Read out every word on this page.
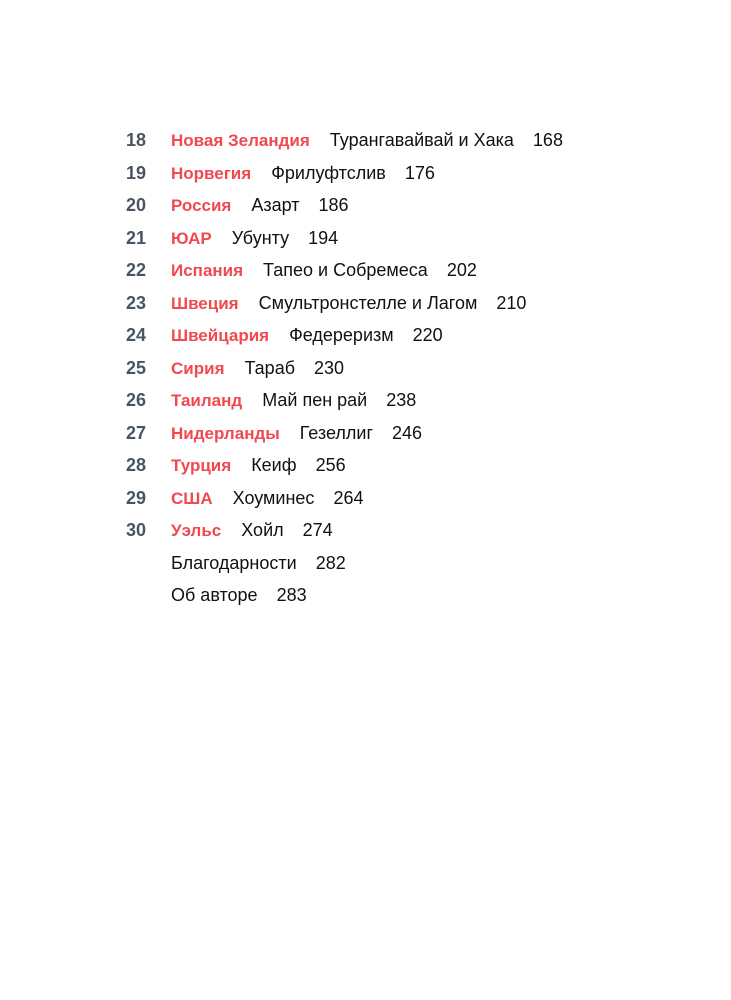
18 Новая Зеландия Турангавайвай и Хака 168
19 Норвегия Фрилуфтслив 176
20 Россия Азарт 186
21 ЮАР Убунту 194
22 Испания Тапео и Собремеса 202
23 Швеция Смультронстелле и Лагом 210
24 Швейцария Федереризм 220
25 Сирия Тараб 230
26 Таиланд Май пен рай 238
27 Нидерланды Гезеллиг 246
28 Турция Кеиф 256
29 США Хоуминес 264
30 Уэльс Хойл 274
Благодарности 282
Об авторе 283
